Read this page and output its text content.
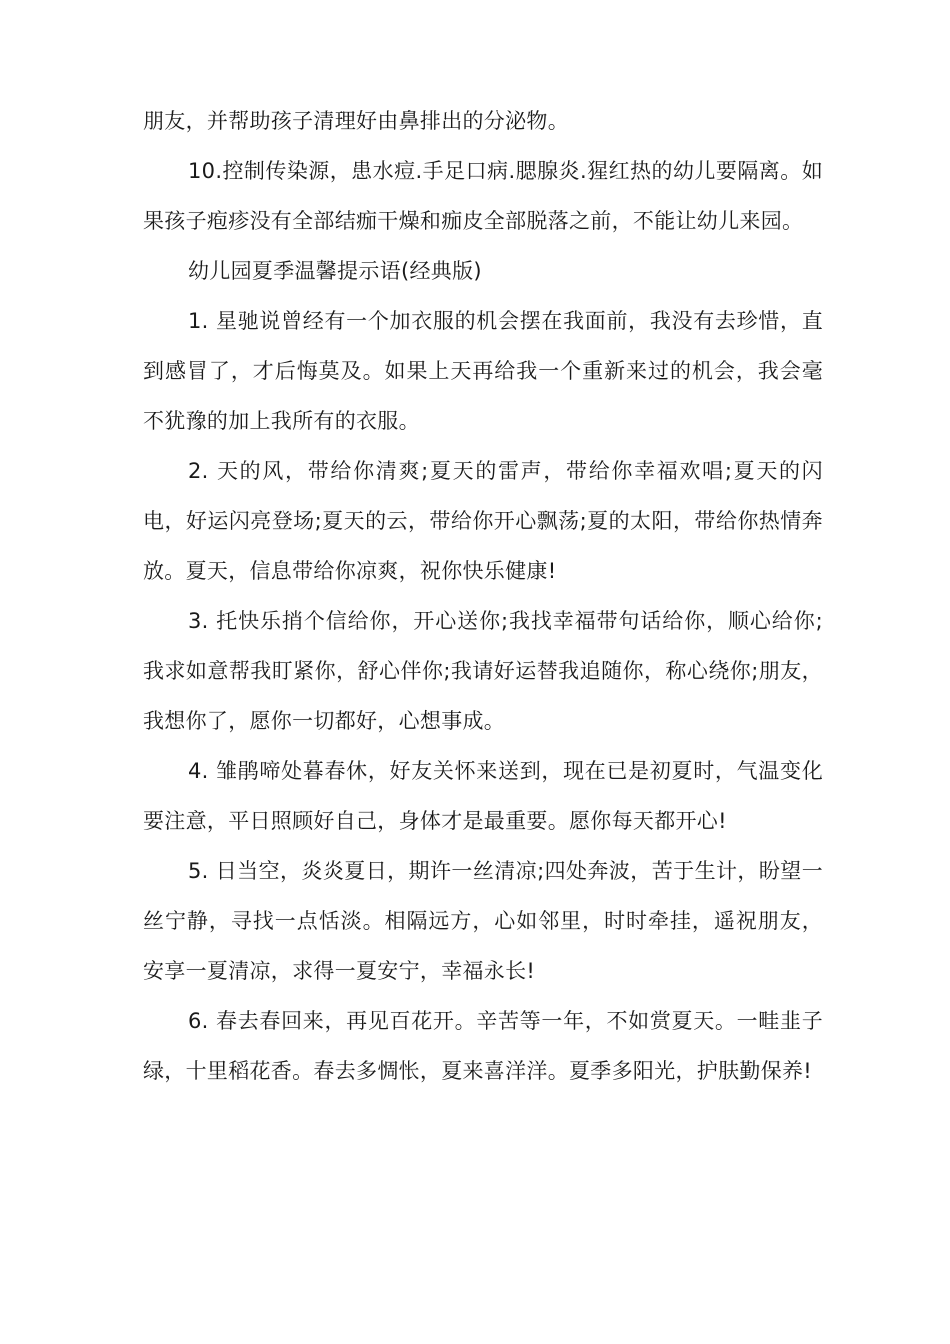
朋友，并帮助孩子清理好由鼻排出的分泌物。

10.控制传染源，患水痘.手足口病.腮腺炎.猩红热的幼儿要隔离。如果孩子疱疹没有全部结痂干燥和痂皮全部脱落之前，不能让幼儿来园。

幼儿园夏季温馨提示语(经典版)

1. 星驰说曾经有一个加衣服的机会摆在我面前，我没有去珍惜，直到感冒了，才后悔莫及。如果上天再给我一个重新来过的机会，我会毫不犹豫的加上我所有的衣服。

2. 天的风，带给你清爽;夏天的雷声，带给你幸福欢唱;夏天的闪电，好运闪亮登场;夏天的云，带给你开心飘荡;夏的太阳，带给你热情奔放。夏天，信息带给你凉爽，祝你快乐健康!

3. 托快乐捎个信给你，开心送你;我找幸福带句话给你，顺心给你;我求如意帮我盯紧你，舒心伴你;我请好运替我追随你，称心绕你;朋友，我想你了，愿你一切都好，心想事成。

4. 雏鹃啼处暮春休，好友关怀来送到，现在已是初夏时，气温变化要注意，平日照顾好自己，身体才是最重要。愿你每天都开心!

5. 日当空，炎炎夏日，期许一丝清凉;四处奔波，苦于生计，盼望一丝宁静，寻找一点恬淡。相隔远方，心如邻里，时时牵挂，遥祝朋友，安享一夏清凉，求得一夏安宁，幸福永长!

6. 春去春回来，再见百花开。辛苦等一年，不如赏夏天。一畦韭子绿，十里稻花香。春去多惆怅，夏来喜洋洋。夏季多阳光，护肤勤保养!
